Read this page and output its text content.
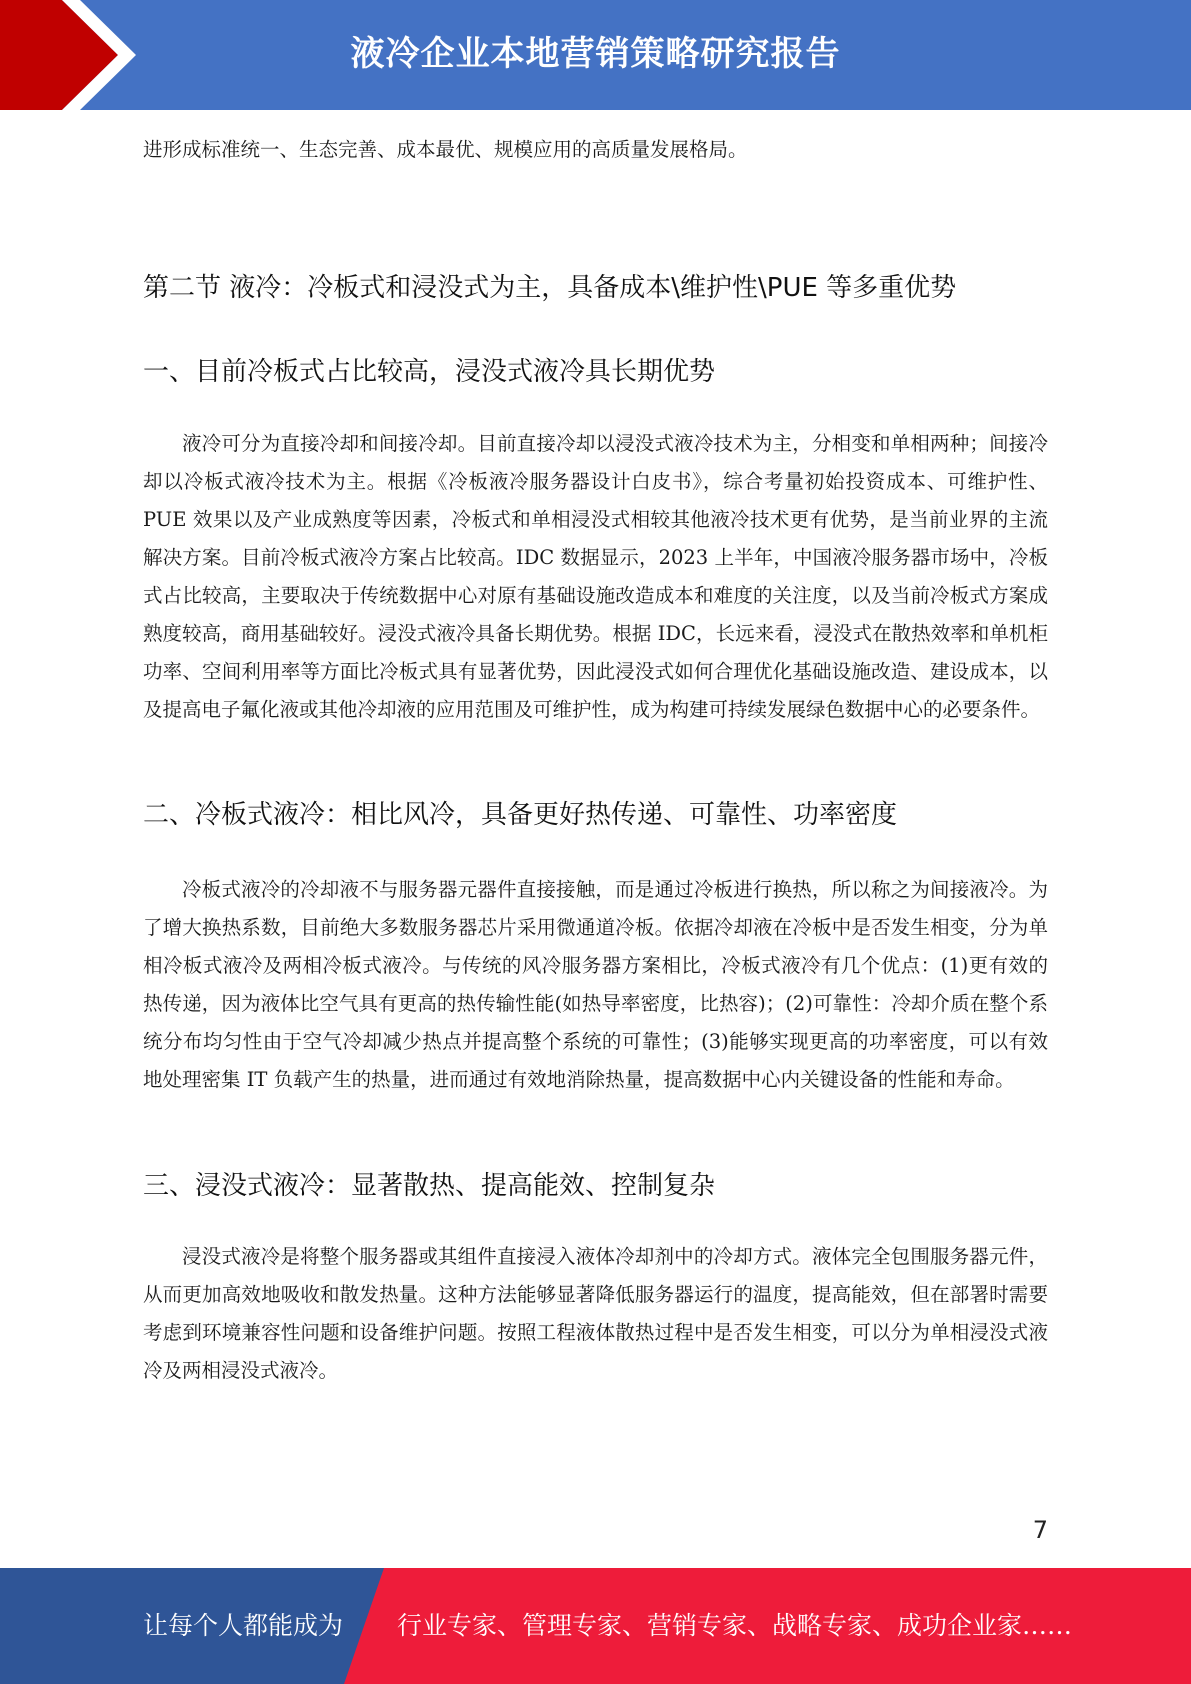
液冷企业本地营销策略研究报告

进形成标准统一、生态完善、成本最优、规模应用的高质量发展格局。

第二节 液冷：冷板式和浸没式为主，具备成本\维护性\PUE 等多重优势
一、目前冷板式占比较高，浸没式液冷具长期优势

液冷可分为直接冷却和间接冷却。目前直接冷却以浸没式液冷技术为主，分相变和单相两种；间接冷却以冷板式液冷技术为主。根据《冷板液冷服务器设计白皮书》，综合考量初始投资成本、可维护性、PUE 效果以及产业成熟度等因素，冷板式和单相浸没式相较其他液冷技术更有优势，是当前业界的主流解决方案。目前冷板式液冷方案占比较高。IDC 数据显示，2023 上半年，中国液冷服务器市场中，冷板式占比较高，主要取决于传统数据中心对原有基础设施改造成本和难度的关注度，以及当前冷板式方案成熟度较高，商用基础较好。浸没式液冷具备长期优势。根据 IDC，长远来看，浸没式在散热效率和单机柜功率、空间利用率等方面比冷板式具有显著优势，因此浸没式如何合理优化基础设施改造、建设成本，以及提高电子氟化液或其他冷却液的应用范围及可维护性，成为构建可持续发展绿色数据中心的必要条件。

二、冷板式液冷：相比风冷，具备更好热传递、可靠性、功率密度

冷板式液冷的冷却液不与服务器元器件直接接触，而是通过冷板进行换热，所以称之为间接液冷。为了增大换热系数，目前绝大多数服务器芯片采用微通道冷板。依据冷却液在冷板中是否发生相变，分为单相冷板式液冷及两相冷板式液冷。与传统的风冷服务器方案相比，冷板式液冷有几个优点：(1)更有效的热传递，因为液体比空气具有更高的热传输性能(如热导率密度，比热容)；(2)可靠性：冷却介质在整个系统分布均匀性由于空气冷却减少热点并提高整个系统的可靠性；(3)能够实现更高的功率密度，可以有效地处理密集 IT 负载产生的热量，进而通过有效地消除热量，提高数据中心内关键设备的性能和寿命。

三、浸没式液冷：显著散热、提高能效、控制复杂

浸没式液冷是将整个服务器或其组件直接浸入液体冷却剂中的冷却方式。液体完全包围服务器元件，从而更加高效地吸收和散发热量。这种方法能够显著降低服务器运行的温度，提高能效，但在部署时需要考虑到环境兼容性问题和设备维护问题。按照工程液体散热过程中是否发生相变，可以分为单相浸没式液冷及两相浸没式液冷。

7
让每个人都能成为 行业专家、管理专家、营销专家、战略专家、成功企业家……
